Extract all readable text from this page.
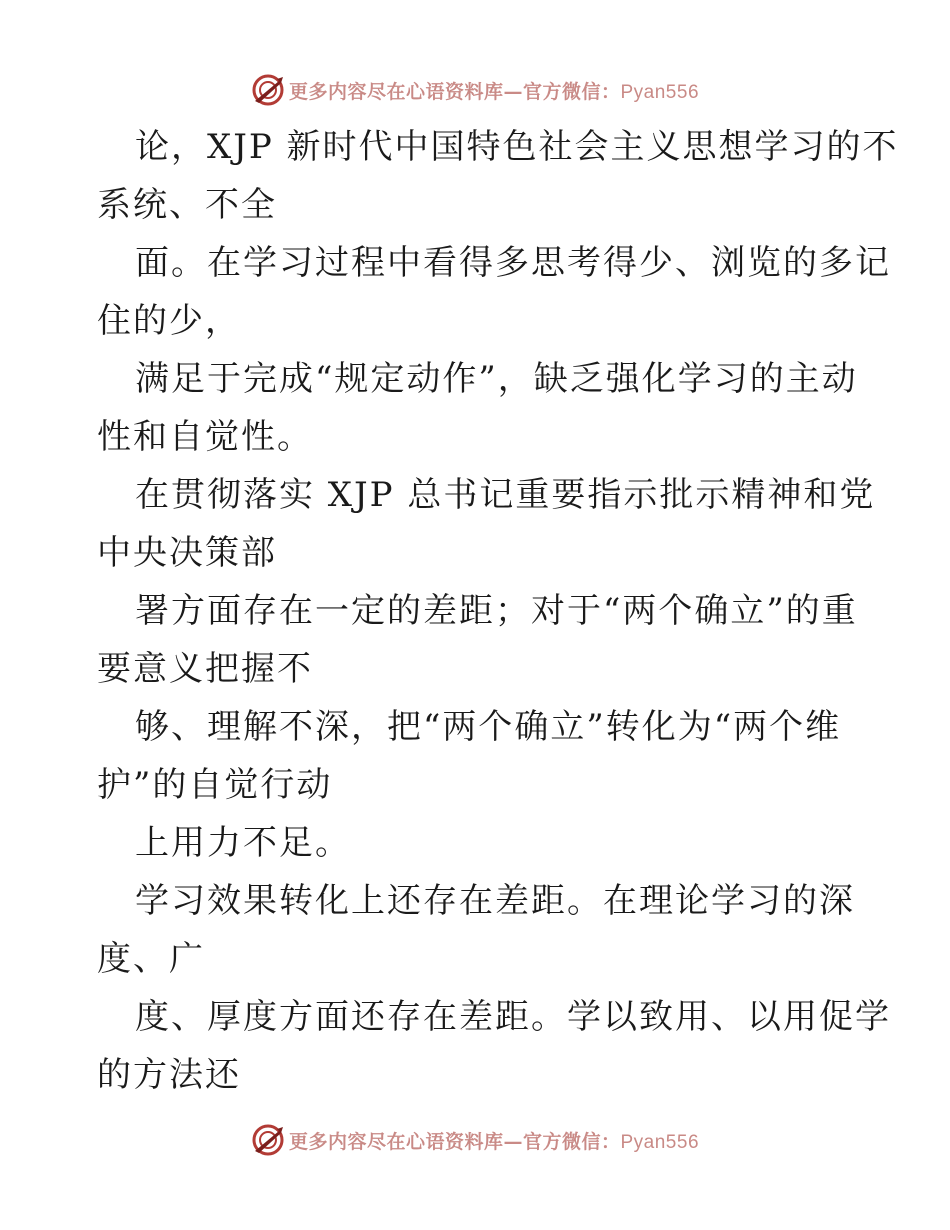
更多内容尽在心语资料库—官方微信：Pyan556
论，XJP 新时代中国特色社会主义思想学习的不
系统、不全
面。在学习过程中看得多思考得少、浏览的多记
住的少，
满足于完成“规定动作”，缺乏强化学习的主动
性和自觉性。
在贯彻落实 XJP 总书记重要指示批示精神和党
中央决策部
署方面存在一定的差距；对于“两个确立”的重
要意义把握不
够、理解不深，把“两个确立”转化为“两个维
护”的自觉行动
上用力不足。
学习效果转化上还存在差距。在理论学习的深
度、广
度、厚度方面还存在差距。学以致用、以用促学
的方法还
更多内容尽在心语资料库—官方微信：Pyan556
